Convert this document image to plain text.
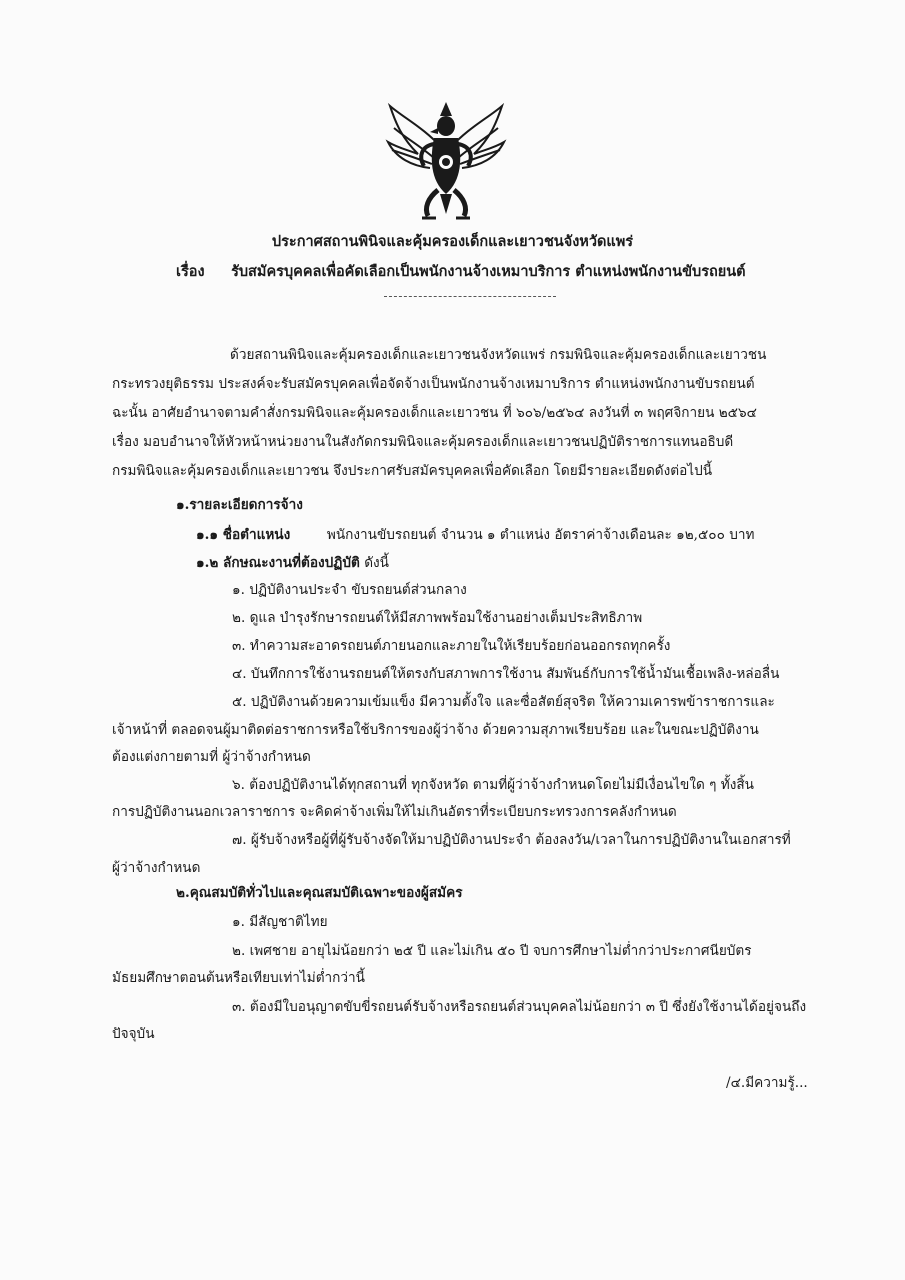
ประกาศสถานพินิจและคุ้มครองเด็กและเยาวชนจังหวัดแพร่
เรื่อง รับสมัครบุคคลเพื่อคัดเลือกเป็นพนักงานจ้างเหมาบริการ ตำแหน่งพนักงานขับรถยนต์
ด้วยสถานพินิจและคุ้มครองเด็กและเยาวชนจังหวัดแพร่ กรมพินิจและคุ้มครองเด็กและเยาวชน
กระทรวงยุติธรรม ประสงค์จะรับสมัครบุคคลเพื่อจัดจ้างเป็นพนักงานจ้างเหมาบริการ ตำแหน่งพนักงานขับรถยนต์
ฉะนั้น อาศัยอำนาจตามคำสั่งกรมพินิจและคุ้มครองเด็กและเยาวชน ที่ ๖๐๖/๒๕๖๔ ลงวันที่ ๓ พฤศจิกายน ๒๕๖๔
เรื่อง มอบอำนาจให้หัวหน้าหน่วยงานในสังกัดกรมพินิจและคุ้มครองเด็กและเยาวชนปฏิบัติราชการแทนอธิบดี
กรมพินิจและคุ้มครองเด็กและเยาวชน จึงประกาศรับสมัครบุคคลเพื่อคัดเลือก โดยมีรายละเอียดดังต่อไปนี้
๑.รายละเอียดการจ้าง
๑.๑ ชื่อตำแหน่ง	พนักงานขับรถยนต์ จำนวน ๑ ตำแหน่ง อัตราค่าจ้างเดือนละ ๑๒,๕๐๐ บาท
๑.๒ ลักษณะงานที่ต้องปฏิบัติ ดังนี้
๑. ปฏิบัติงานประจำ ขับรถยนต์ส่วนกลาง
๒. ดูแล บำรุงรักษารถยนต์ให้มีสภาพพร้อมใช้งานอย่างเต็มประสิทธิภาพ
๓. ทำความสะอาดรถยนต์ภายนอกและภายในให้เรียบร้อยก่อนออกรถทุกครั้ง
๔. บันทึกการใช้งานรถยนต์ให้ตรงกับสภาพการใช้งาน สัมพันธ์กับการใช้น้ำมันเชื้อเพลิง-หล่อลื่น
๕. ปฏิบัติงานด้วยความเข้มแข็ง มีความตั้งใจ และซื่อสัตย์สุจริต ให้ความเคารพข้าราชการและ
เจ้าหน้าที่ ตลอดจนผู้มาติดต่อราชการหรือใช้บริการของผู้ว่าจ้าง ด้วยความสุภาพเรียบร้อย และในขณะปฏิบัติงาน
ต้องแต่งกายตามที่ ผู้ว่าจ้างกำหนด
๖. ต้องปฏิบัติงานได้ทุกสถานที่ ทุกจังหวัด ตามที่ผู้ว่าจ้างกำหนดโดยไม่มีเงื่อนไขใด ๆ ทั้งสิ้น
การปฏิบัติงานนอกเวลาราชการ จะคิดค่าจ้างเพิ่มให้ไม่เกินอัตราที่ระเบียบกระทรวงการคลังกำหนด
๗. ผู้รับจ้างหรือผู้ที่ผู้รับจ้างจัดให้มาปฏิบัติงานประจำ ต้องลงวัน/เวลาในการปฏิบัติงานในเอกสารที่
ผู้ว่าจ้างกำหนด
๒.คุณสมบัติทั่วไปและคุณสมบัติเฉพาะของผู้สมัคร
๑. มีสัญชาติไทย
๒. เพศชาย อายุไม่น้อยกว่า ๒๕ ปี และไม่เกิน ๕๐ ปี จบการศึกษาไม่ต่ำกว่าประกาศนียบัตร
มัธยมศึกษาตอนต้นหรือเทียบเท่าไม่ต่ำกว่านี้
๓. ต้องมีใบอนุญาตขับขี่รถยนต์รับจ้างหรือรถยนต์ส่วนบุคคลไม่น้อยกว่า ๓ ปี ซึ่งยังใช้งานได้อยู่จนถึง
ปัจจุบัน
/๔.มีความรู้...
